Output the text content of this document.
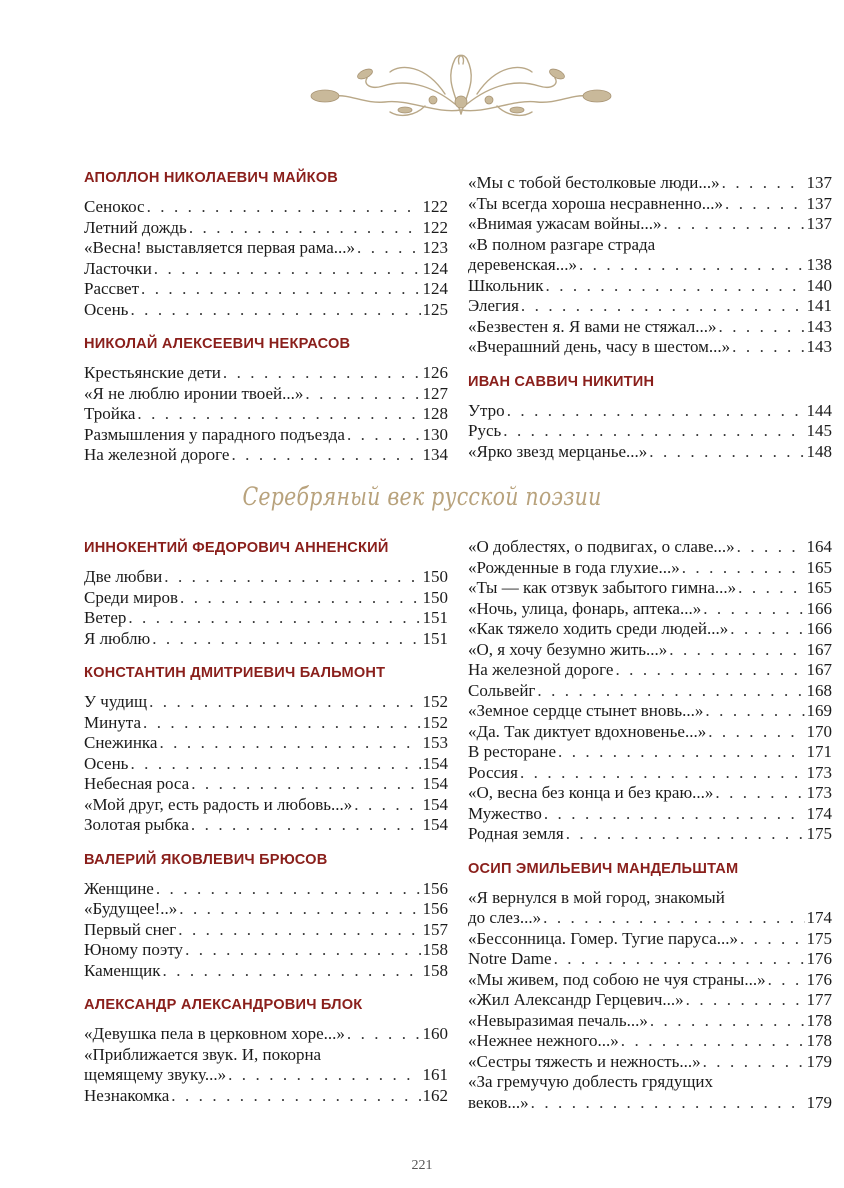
АПОЛЛОН НИКОЛАЕВИЧ МАЙКОВ
Сенокос . . .	122
Летний дождь . . .	122
«Весна! выставляется первая рама...» . . .	123
Ласточки . . .	124
Рассвет . . .	124
Осень . . .	125
НИКОЛАЙ АЛЕКСЕЕВИЧ НЕКРАСОВ
Крестьянские дети . . .	126
«Я не люблю иронии твоей...» . . .	127
Тройка . . .	128
Размышления у парадного подъезда . . .	130
На железной дороге . . .	134
«Мы с тобой бестолковые люди...» . . .	137
«Ты всегда хороша несравненно...» . . .	137
«Внимая ужасам войны...» . . .	137
«В полном разгаре страда
деревенская...» . . .	138
Школьник . . .	140
Элегия . . .	141
«Безвестен я. Я вами не стяжал...» . . .	143
«Вчерашний день, часу в шестом...» . . .	143
ИВАН САВВИЧ НИКИТИН
Утро . . .	144
Русь . . .	145
«Ярко звезд мерцанье...» . . .	148
Серебряный век русской поэзии
ИННОКЕНТИЙ ФЕДОРОВИЧ АННЕНСКИЙ
Две любви . . .	150
Среди миров . . .	150
Ветер . . .	151
Я люблю . . .	151
КОНСТАНТИН ДМИТРИЕВИЧ БАЛЬМОНТ
У чудищ . . .	152
Минута . . .	152
Снежинка . . .	153
Осень . . .	154
Небесная роса . . .	154
«Мой друг, есть радость и любовь...» . . .	154
Золотая рыбка . . .	154
ВАЛЕРИЙ ЯКОВЛЕВИЧ БРЮСОВ
Женщине . . .	156
«Будущее!..» . . .	156
Первый снег . . .	157
Юному поэту . . .	158
Каменщик . . .	158
АЛЕКСАНДР АЛЕКСАНДРОВИЧ БЛОК
«Девушка пела в церковном хоре...» . . .	160
«Приближается звук. И, покорна
щемящему звуку...» . . .	161
Незнакомка . . .	162
«О доблестях, о подвигах, о славе...» . . .	164
«Рожденные в года глухие...» . . .	165
«Ты — как отзвук забытого гимна...» . . .	165
«Ночь, улица, фонарь, аптека...» . . .	166
«Как тяжело ходить среди людей...» . . .	166
«О, я хочу безумно жить...» . . .	167
На железной дороге . . .	167
Сольвейг . . .	168
«Земное сердце стынет вновь...» . . .	169
«Да. Так диктует вдохновенье...» . . .	170
В ресторане . . .	171
Россия . . .	173
«О, весна без конца и без краю...» . . .	173
Мужество . . .	174
Родная земля . . .	175
ОСИП ЭМИЛЬЕВИЧ МАНДЕЛЬШТАМ
«Я вернулся в мой город, знакомый
до слез...» . . .	174
«Бессонница. Гомер. Тугие паруса...» . . .	175
Notre Dame . . .	176
«Мы живем, под собою не чуя страны...» . . . 176
«Жил Александр Герцевич...» . . .	177
«Невыразимая печаль...» . . .	178
«Нежнее нежного...» . . .	178
«Сестры тяжесть и нежность...» . . .	179
«За гремучую доблесть грядущих
веков...» . . .	179
221
